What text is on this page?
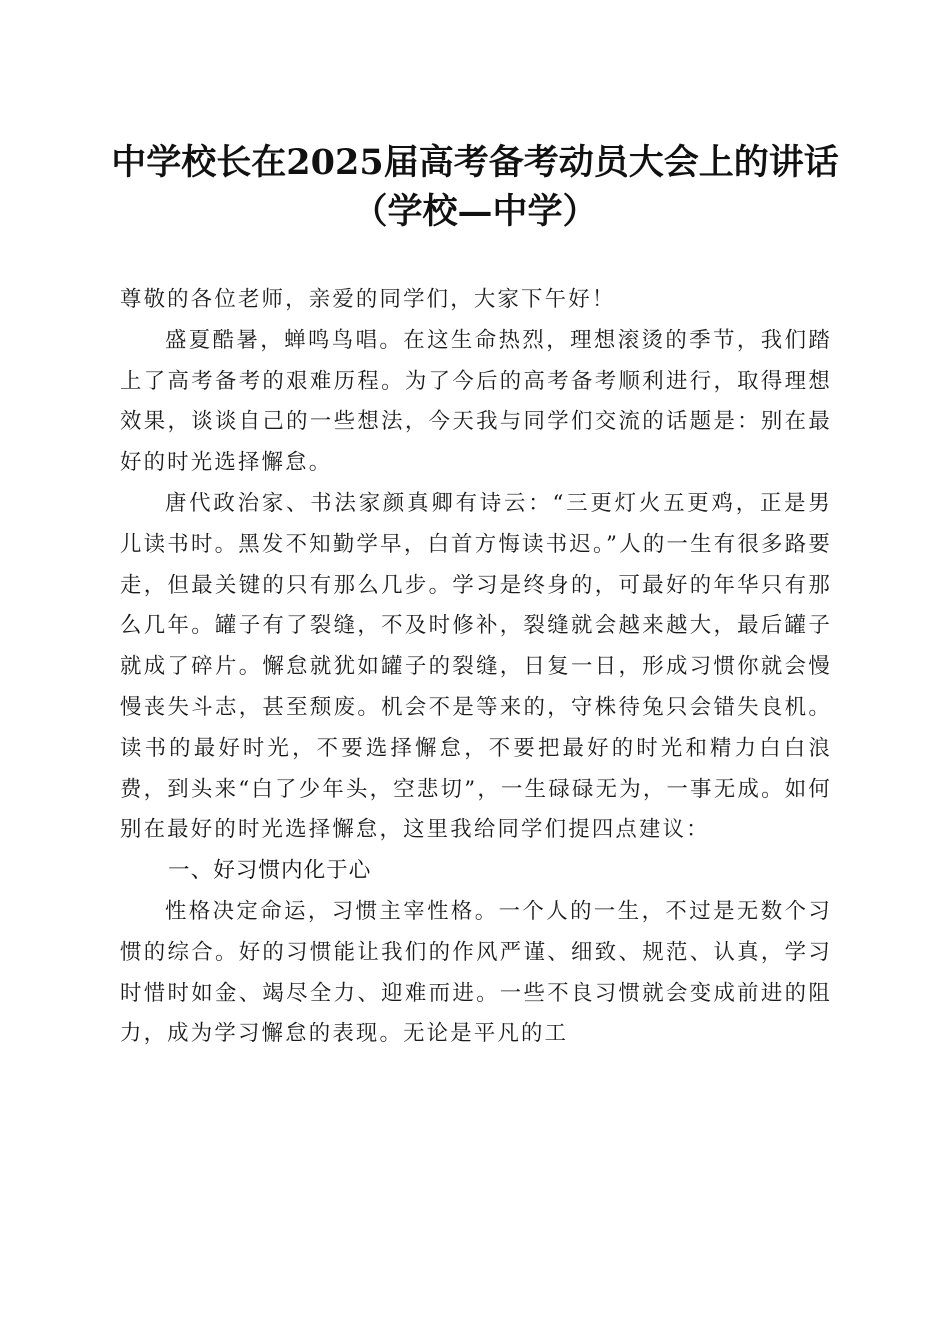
中学校长在2025届高考备考动员大会上的讲话（学校—中学）

尊敬的各位老师，亲爱的同学们，大家下午好！

盛夏酷暑，蝉鸣鸟唱。在这生命热烈，理想滚烫的季节，我们踏上了高考备考的艰难历程。为了今后的高考备考顺利进行，取得理想效果，谈谈自己的一些想法，今天我与同学们交流的话题是：别在最好的时光选择懈怠。

唐代政治家、书法家颜真卿有诗云：“三更灯火五更鸡，正是男儿读书时。黑发不知勤学早，白首方悔读书迟。”人的一生有很多路要走，但最关键的只有那么几步。学习是终身的，可最好的年华只有那么几年。罐子有了裂缝，不及时修补，裂缝就会越来越大，最后罐子就成了碎片。懈怠就犹如罐子的裂缝，日复一日，形成习惯你就会慢慢丧失斗志，甚至颓废。机会不是等来的，守株待兔只会错失良机。读书的最好时光，不要选择懈怠，不要把最好的时光和精力白白浪费，到头来“白了少年头，空悲切”，一生碌碌无为，一事无成。如何别在最好的时光选择懈怠，这里我给同学们提四点建议：

一、好习惯内化于心

性格决定命运，习惯主宰性格。一个人的一生，不过是无数个习惯的综合。好的习惯能让我们的作风严谨、细致、规范、认真，学习时惜时如金、竭尽全力、迎难而进。一些不良习惯就会变成前进的阻力，成为学习懈怠的表现。无论是平凡的工
